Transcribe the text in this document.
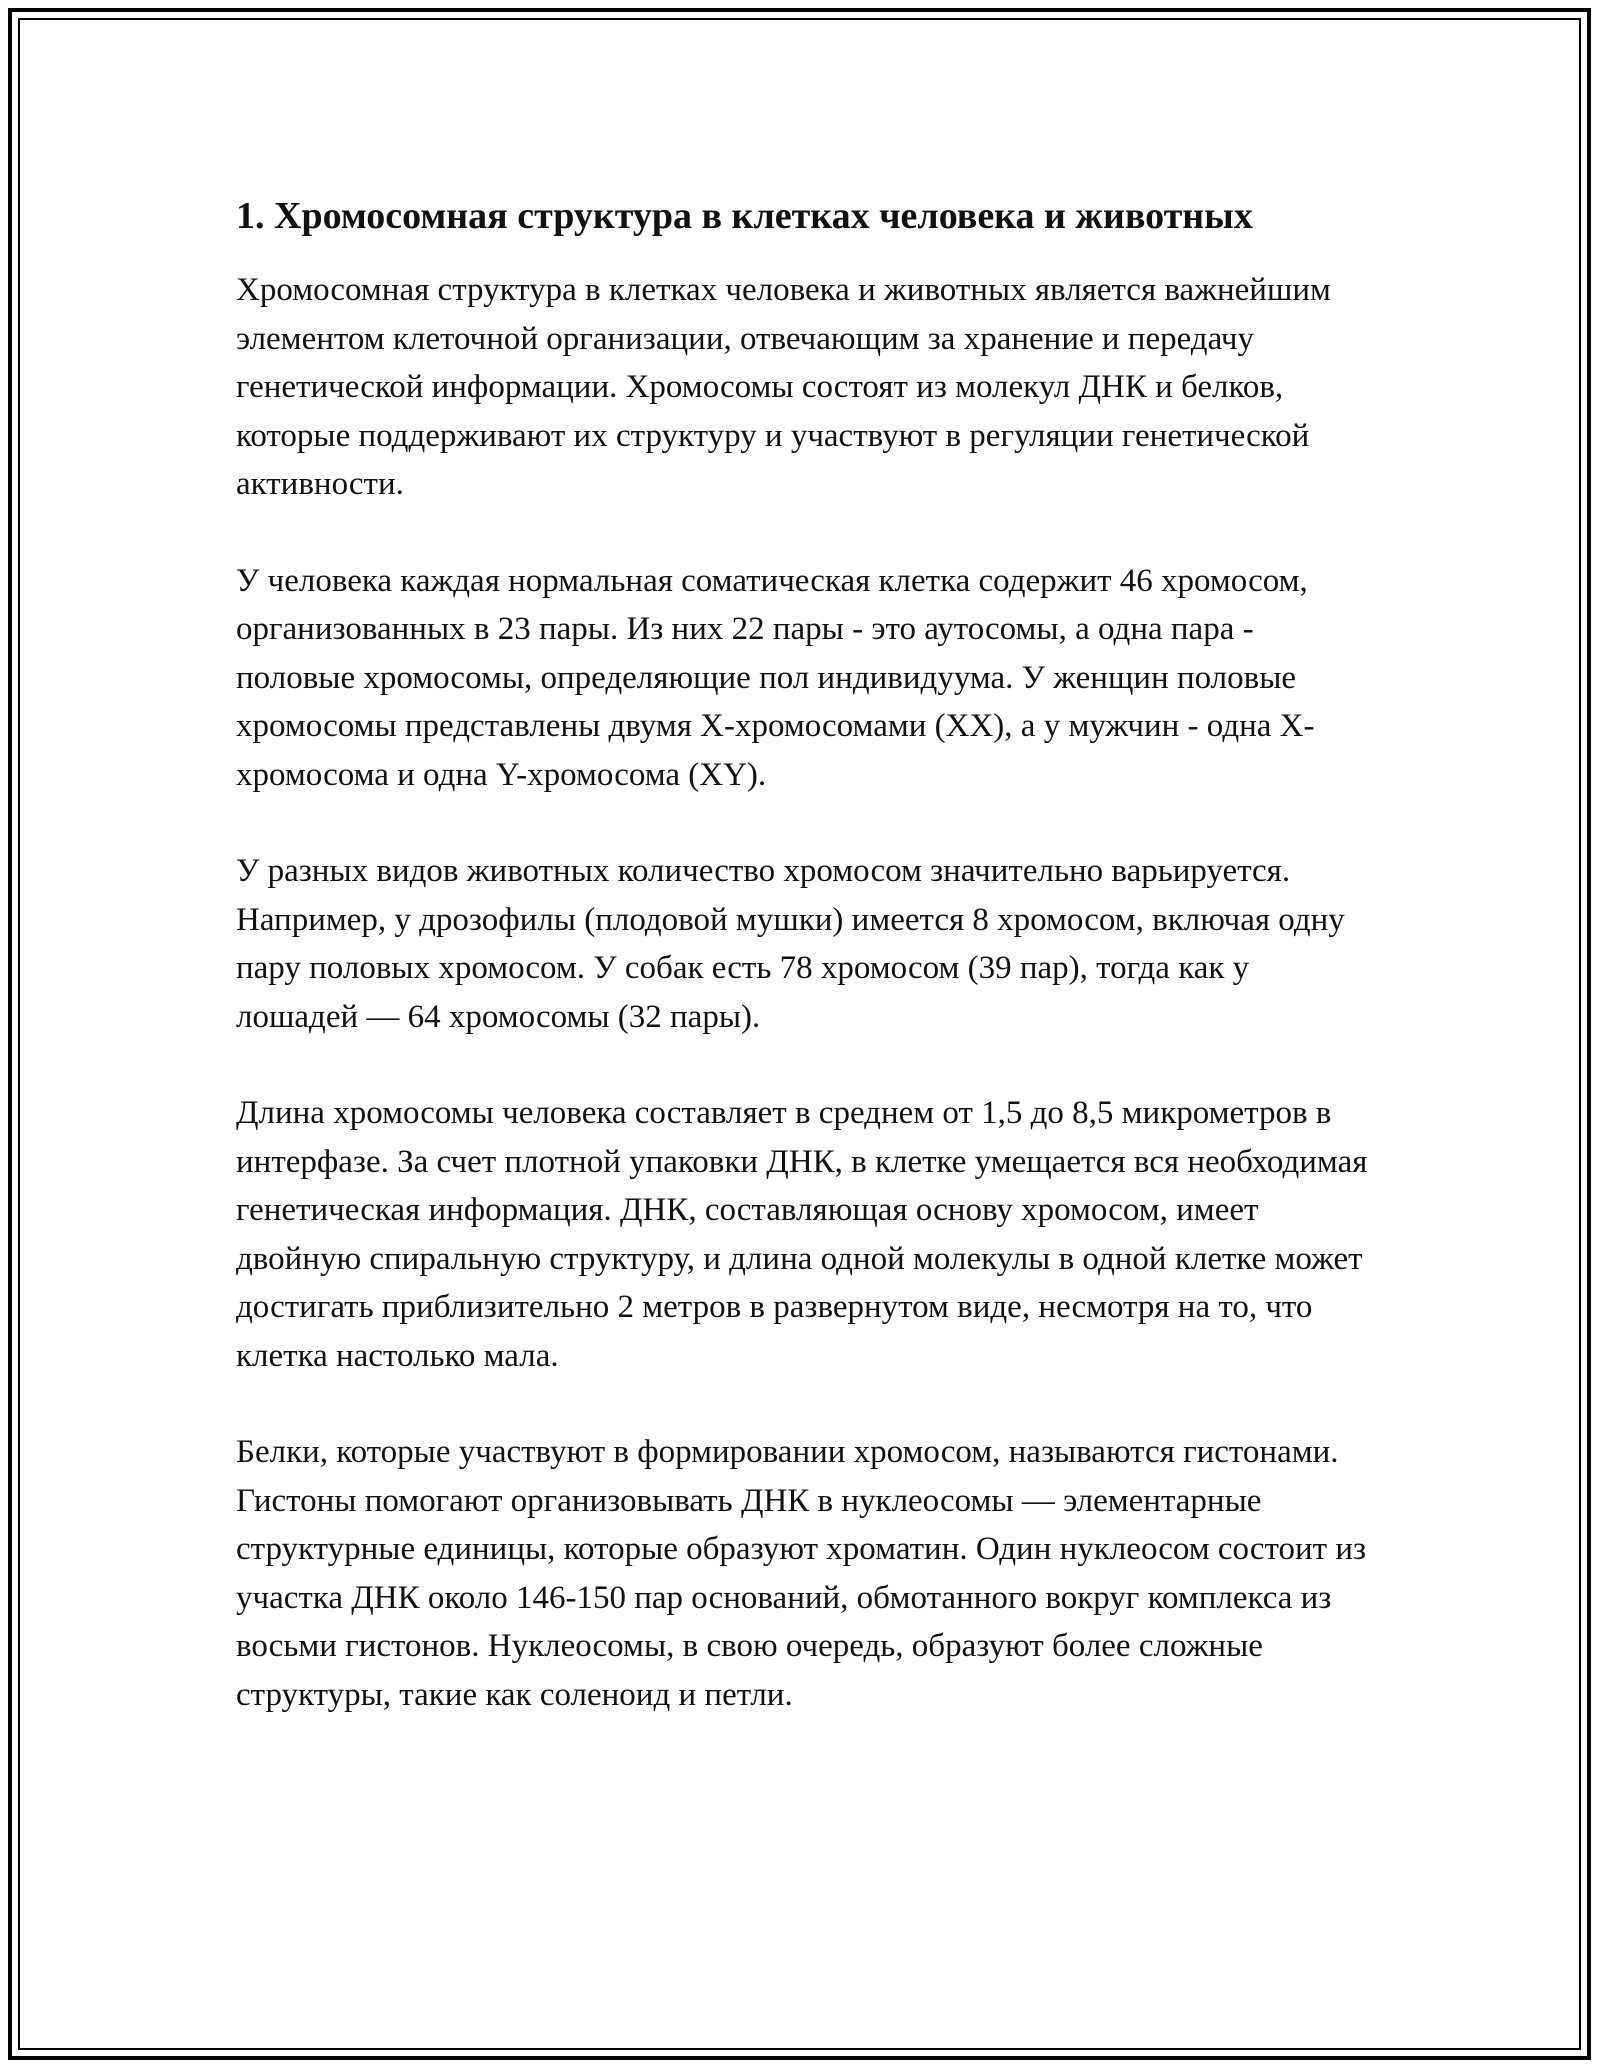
1. Хромосомная структура в клетках человека и животных

Хромосомная структура в клетках человека и животных является важнейшим элементом клеточной организации, отвечающим за хранение и передачу генетической информации. Хромосомы состоят из молекул ДНК и белков, которые поддерживают их структуру и участвуют в регуляции генетической активности.

У человека каждая нормальная соматическая клетка содержит 46 хромосом, организованных в 23 пары. Из них 22 пары - это аутосомы, а одна пара - половые хромосомы, определяющие пол индивидуума. У женщин половые хромосомы представлены двумя X-хромосомами (XX), а у мужчин - одна X-хромосома и одна Y-хромосома (XY).

У разных видов животных количество хромосом значительно варьируется. Например, у дрозофилы (плодовой мушки) имеется 8 хромосом, включая одну пару половых хромосом. У собак есть 78 хромосом (39 пар), тогда как у лошадей — 64 хромосомы (32 пары).

Длина хромосомы человека составляет в среднем от 1,5 до 8,5 микрометров в интерфазе. За счет плотной упаковки ДНК, в клетке умещается вся необходимая генетическая информация. ДНК, составляющая основу хромосом, имеет двойную спиральную структуру, и длина одной молекулы в одной клетке может достигать приблизительно 2 метров в развернутом виде, несмотря на то, что клетка настолько мала.

Белки, которые участвуют в формировании хромосом, называются гистонами. Гистоны помогают организовывать ДНК в нуклеосомы — элементарные структурные единицы, которые образуют хроматин. Один нуклеосом состоит из участка ДНК около 146-150 пар оснований, обмотанного вокруг комплекса из восьми гистонов. Нуклеосомы, в свою очередь, образуют более сложные структуры, такие как соленоид и петли.
